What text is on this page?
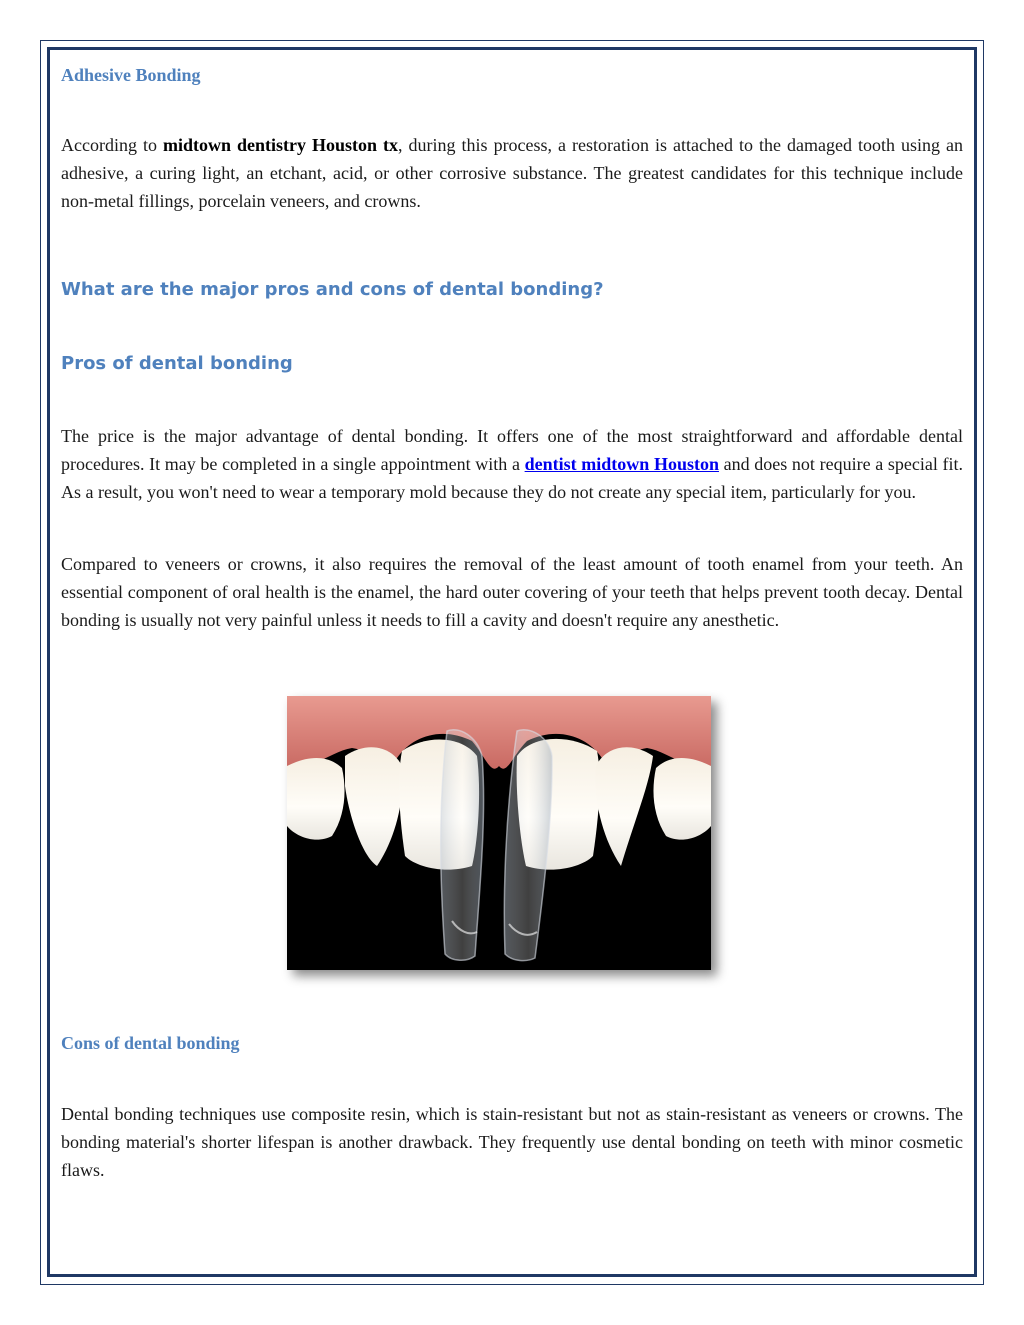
Adhesive Bonding

According to midtown dentistry Houston tx, during this process, a restoration is attached to the damaged tooth using an adhesive, a curing light, an etchant, acid, or other corrosive substance. The greatest candidates for this technique include non-metal fillings, porcelain veneers, and crowns.

What are the major pros and cons of dental bonding?
Pros of dental bonding

The price is the major advantage of dental bonding. It offers one of the most straightforward and affordable dental procedures. It may be completed in a single appointment with a dentist midtown Houston and does not require a special fit. As a result, you won't need to wear a temporary mold because they do not create any special item, particularly for you.

Compared to veneers or crowns, it also requires the removal of the least amount of tooth enamel from your teeth. An essential component of oral health is the enamel, the hard outer covering of your teeth that helps prevent tooth decay. Dental bonding is usually not very painful unless it needs to fill a cavity and doesn't require any anesthetic.

Cons of dental bonding

Dental bonding techniques use composite resin, which is stain-resistant but not as stain-resistant as veneers or crowns. The bonding material's shorter lifespan is another drawback. They frequently use dental bonding on teeth with minor cosmetic flaws.
